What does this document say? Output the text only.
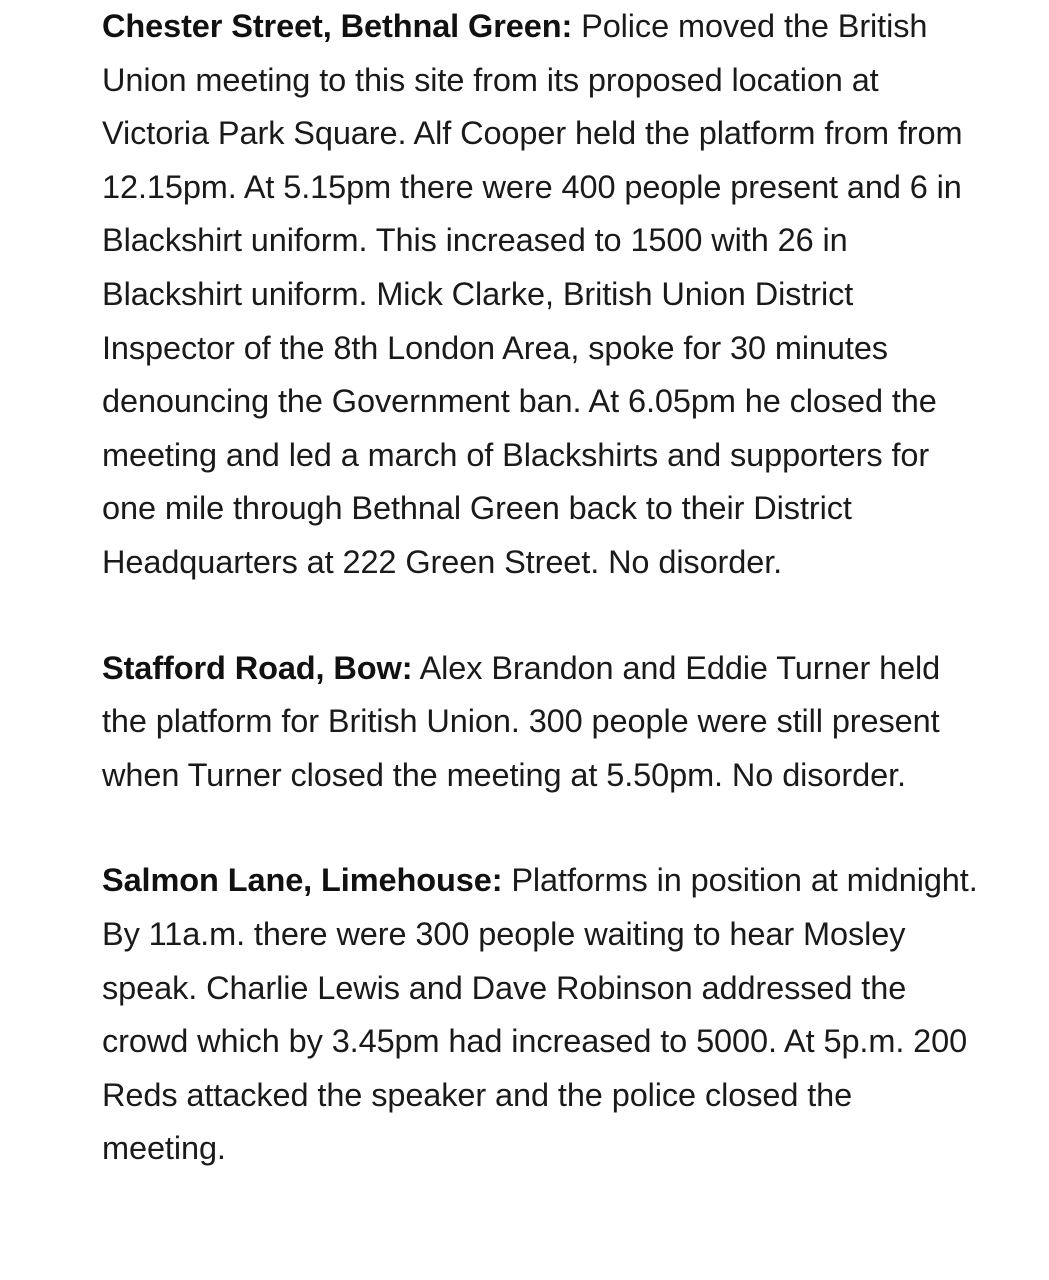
Chester Street, Bethnal Green: Police moved the British Union meeting to this site from its proposed location at Victoria Park Square. Alf Cooper held the platform from from 12.15pm. At 5.15pm there were 400 people present and 6 in Blackshirt uniform. This increased to 1500 with 26 in Blackshirt uniform. Mick Clarke, British Union District Inspector of the 8th London Area, spoke for 30 minutes denouncing the Government ban. At 6.05pm he closed the meeting and led a march of Blackshirts and supporters for one mile through Bethnal Green back to their District Headquarters at 222 Green Street. No disorder.

Stafford Road, Bow: Alex Brandon and Eddie Turner held the platform for British Union. 300 people were still present when Turner closed the meeting at 5.50pm. No disorder.

Salmon Lane, Limehouse: Platforms in position at midnight. By 11a.m. there were 300 people waiting to hear Mosley speak. Charlie Lewis and Dave Robinson addressed the crowd which by 3.45pm had increased to 5000. At 5p.m. 200 Reds attacked the speaker and the police closed the meeting.
